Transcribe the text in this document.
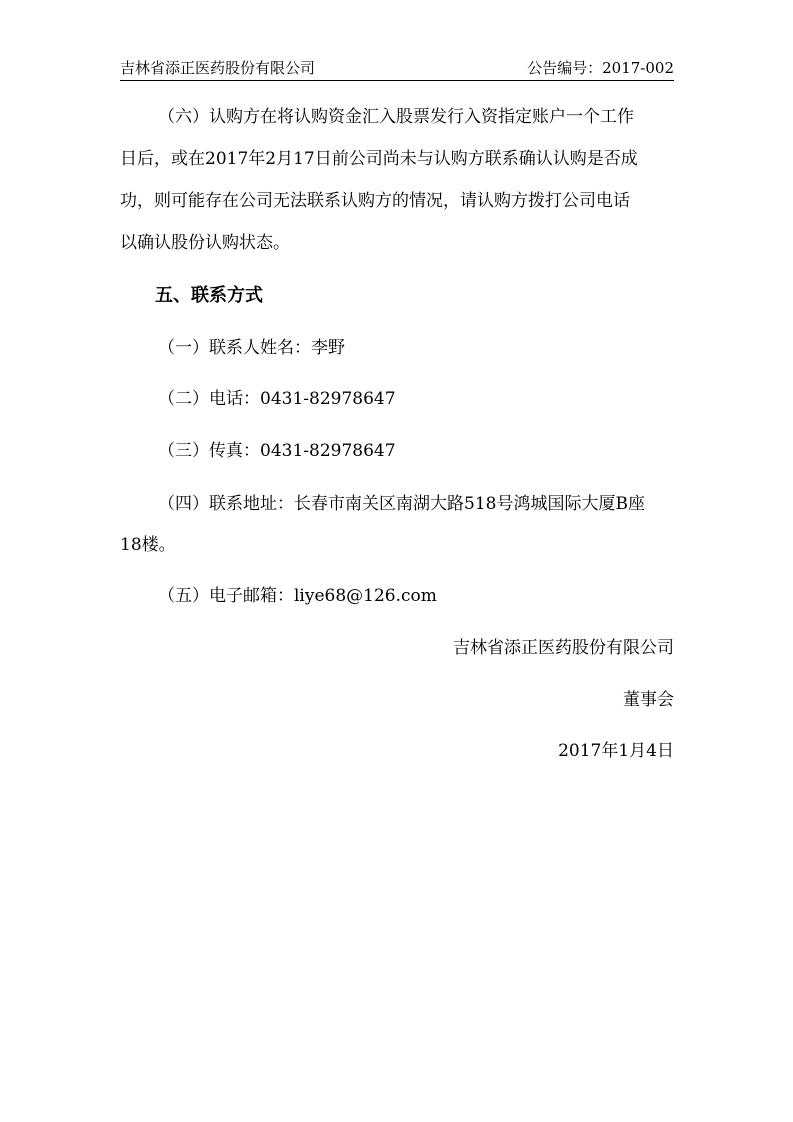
吉林省添正医药股份有限公司	公告编号：2017-002

（六）认购方在将认购资金汇入股票发行入资指定账户一个工作

日后，或在2017年2月17日前公司尚未与认购方联系确认认购是否成

功，则可能存在公司无法联系认购方的情况，请认购方拨打公司电话

以确认股份认购状态。

五、联系方式

（一）联系人姓名：李野

（二）电话：0431-82978647

（三）传真：0431-82978647

（四）联系地址：长春市南关区南湖大路518号鸿城国际大厦B座

18楼。

（五）电子邮箱：liye68@126.com

吉林省添正医药股份有限公司

董事会

2017年1月4日
